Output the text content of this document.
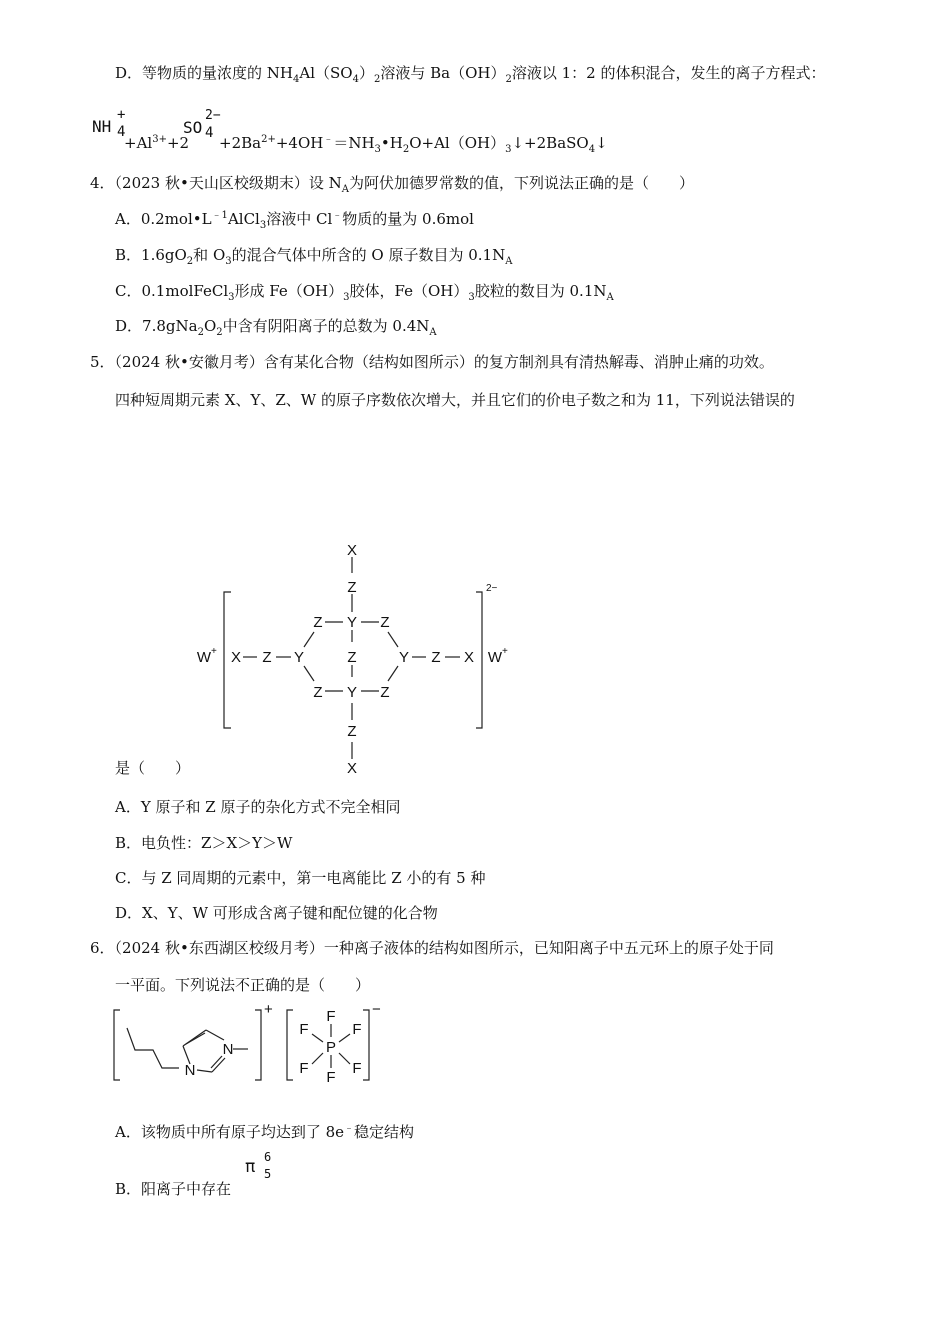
D．等物质的量浓度的 $NH_4Al(SO_4)_2$溶液与 $Ba(OH)_2$溶液以 1：2 的体积混合，发生的离子方程式：
NH
+
4
$+Al^{3+}+2$
SO
2−
4
$+2Ba^{2+}+4OH^﹣=NH_3•H_2O+Al(OH)_3↓+2BaSO_4↓$
4．（2023 秋•天山区校级期末）设 $N_A$为阿伏加德罗常数的值，下列说法正确的是（　　）
A．$0.2mol•L^{﹣1}AlCl_3$溶液中 Cl﹣物质的量为 0.6mol
B．$1.6gO_2$和 $O_3$的混合气体中所含的 O 原子数目为 $0.1N_A$
C．0.1molFeCl$_3$形成 $Fe(OH)_3$胶体，$Fe(OH)_3$胶粒的数目为 $0.1N_A$
D．$7.8gNa_2O_2$中含有阴阳离子的总数为 $0.4N_A$
5．（2024 秋•安徽月考）含有某化合物（结构如图所示）的复方制剂具有清热解毒、消肿止痛的功效。
四种短周期元素 X、Y、Z、W 的原子序数依次增大，并且它们的价电子数之和为 11，下列说法错误的
X
Z
Y
Z	Z
Z
Y	Y
Z
X	Z X
Y
Z	Z
Z
X
W	W
+	+
2−
是（　　）
A．Y 原子和 Z 原子的杂化方式不完全相同
B．电负性：Z＞X＞Y＞W
C．与 Z 同周期的元素中，第一电离能比 Z 小的有 5 种
D．X、Y、W 可形成含离子键和配位键的化合物
6．（2024 秋•东西湖区校级月考）一种离子液体的结构如图所示，已知阳离子中五元环上的原子处于同
一平面。下列说法不正确的是（　　）
N
N	P
F
F
F	F
F	F
+	−
A．该物质中所有原子均达到了 8e﹣稳定结构
B．阳离子中存在
π 6
5
